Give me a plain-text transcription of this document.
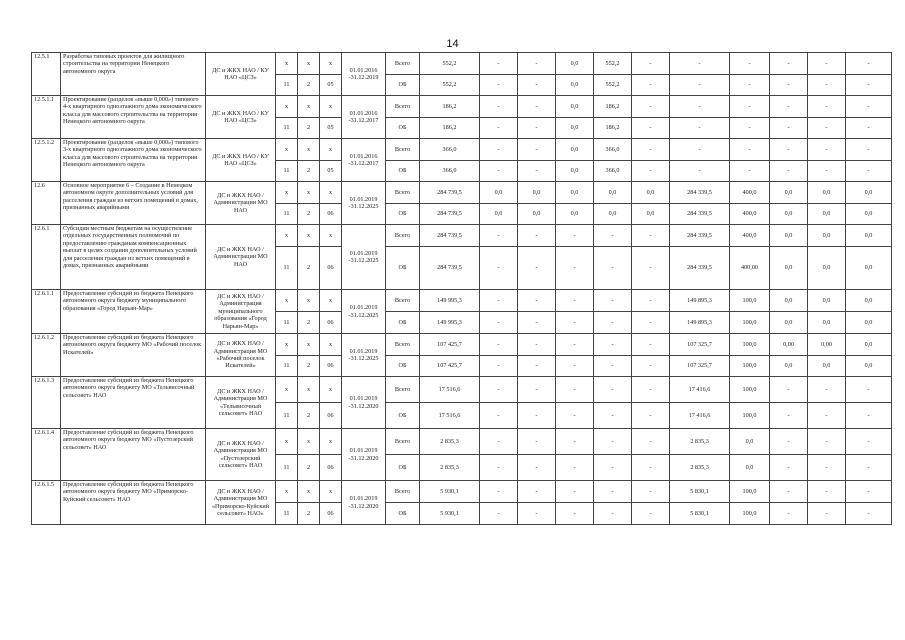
14
12.5.1	Разработка типовых проектов для жилищного строительства на территории Ненецкого автономного округа	ДС и ЖКХ НАО / КУ НАО «ЦСЗ»	x	x	x	01.01.2016 -31.12.2019	Всего	552,2	-	-	0,0	552,2	-	-	-	-	-	-
			11	2	05		ОБ	552,2	-	-	0,0	552,2	-	-	-	-	-	-
12.5.1.1	Проектирование (разделов «выше 0,000») типового 4-х квартирного одноэтажного дома экономического класса для массового строительства на территории Ненецкого автономного округа	ДС и ЖКХ НАО / КУ НАО «ЦСЗ»	x	x	x	01.01.2016 -31.12.2017	Всего	186,2	-	-	0,0	186,2	-	-	-	-	-	-
			11	2	05		ОБ	186,2	-	-	0,0	186,2	-	-	-	-	-	-
12.5.1.2	Проектирование (разделов «выше 0,000») типового 3-х квартирного одноэтажного дома экономического класса для массового строительства на территории Ненецкого автономного округа	ДС и ЖКХ НАО / КУ НАО «ЦСЗ»	x	x	x	01.01.2016 -31.12.2017	Всего	366,0	-	-	0,0	366,0	-	-	-	-	-	-
			11	2	05		ОБ	366,0	-	-	0,0	366,0	-	-	-	-	-	-
12.6	Основное мероприятие 6 – Создание в Ненецком автономном округе дополнительных условий для расселения граждан из ветхих помещений в домах, признанных аварийными	ДС и ЖКХ НАО / Администрации МО НАО	x	x	x	01.01.2019 -31.12.2025	Всего	284 739,5	0,0	0,0	0,0	0,0	0,0	284 339,5	400,0	0,0	0,0	0,0
			11	2	06		ОБ	284 739,5	0,0	0,0	0,0	0,0	0,0	284 339,5	400,0	0,0	0,0	0,0
12.6.1	Субсидии местным бюджетам на осуществление отдельных государственных полномочий по предоставлению гражданам компенсационных выплат в целях создания дополнительных условий для расселения граждан из ветхих помещений в домах, признанных аварийными	ДС и ЖКХ НАО / Администрации МО НАО	x	x	x	01.01.2019 -31.12.2025	Всего	284 739,5	-	-	-	-	-	284 339,5	400,0	0,0	0,0	0,0
			11	2	06		ОБ	284 739,5	-	-	-	-	-	284 339,5	400,00	0,0	0,0	0,0
12.6.1.1	Предоставление субсидий из бюджета Ненецкого автономного округа бюджету муниципального образования «Город Нарьян-Мар»	ДС и ЖКХ НАО / Администрация муниципального образования «Город Нарьян-Мар»	x	x	x	01.01.2019 -31.12.2025	Всего	149 995,3	-	-	-	-	-	149 895,3	100,0	0,0	0,0	0,0
			11	2	06		ОБ	149 995,3	-	-	-	-	-	149 895,3	100,0	0,0	0,0	0,0
12.6.1.2	Предоставление субсидий из бюджета Ненецкого автономного округа бюджету МО «Рабочий поселок Искателей»	ДС и ЖКХ НАО / Администрация МО «Рабочий поселок Искателей»	x	x	x	01.01.2019 -31.12.2025	Всего	107 425,7	-	-	-	-	-	107 325,7	100,0	0,00	0,00	0,0
			11	2	06		ОБ	107 425,7	-	-	-	-	-	107 325,7	100,0	0,0	0,0	0,0
12.6.1.3	Предоставление субсидий из бюджета Ненецкого автономного округа бюджету МО «Тельвисочный сельсовет» НАО	ДС и ЖКХ НАО / Администрация МО «Тельвисочный сельсовет» НАО	x	x	x	01.01.2019 -31.12.2020	Всего	17 516,6	-	-	-	-	-	17 416,6	100,0	-	-	-
			11	2	06		ОБ	17 516,6	-	-	-	-	-	17 416,6	100,0	-	-	-
12.6.1.4	Предоставление субсидий из бюджета Ненецкого автономного округа бюджету МО «Пустозерский сельсовет» НАО	ДС и ЖКХ НАО / Администрация МО «Пустозерский сельсовет» НАО	x	x	x	01.01.2019 -31.12.2020	Всего	2 835,3	-	-	-	-	-	2 835,3	0,0	-	-	-
			11	2	06		ОБ	2 835,3	-	-	-	-	-	2 835,3	0,0	-	-	-
12.6.1.5	Предоставление субсидий из бюджета Ненецкого автономного округа бюджету МО «Приморско-Куйский сельсовет» НАО	ДС и ЖКХ НАО / Администрация МО «Приморско-Куйский сельсовет» НАО»	x	x	x	01.01.2019 -31.12.2020	Всего	5 930,1	-	-	-	-	-	5 830,1	100,0	-	-	-
			11	2	06		ОБ	5 930,1	-	-	-	-	-	5 830,1	100,0	-	-	-
